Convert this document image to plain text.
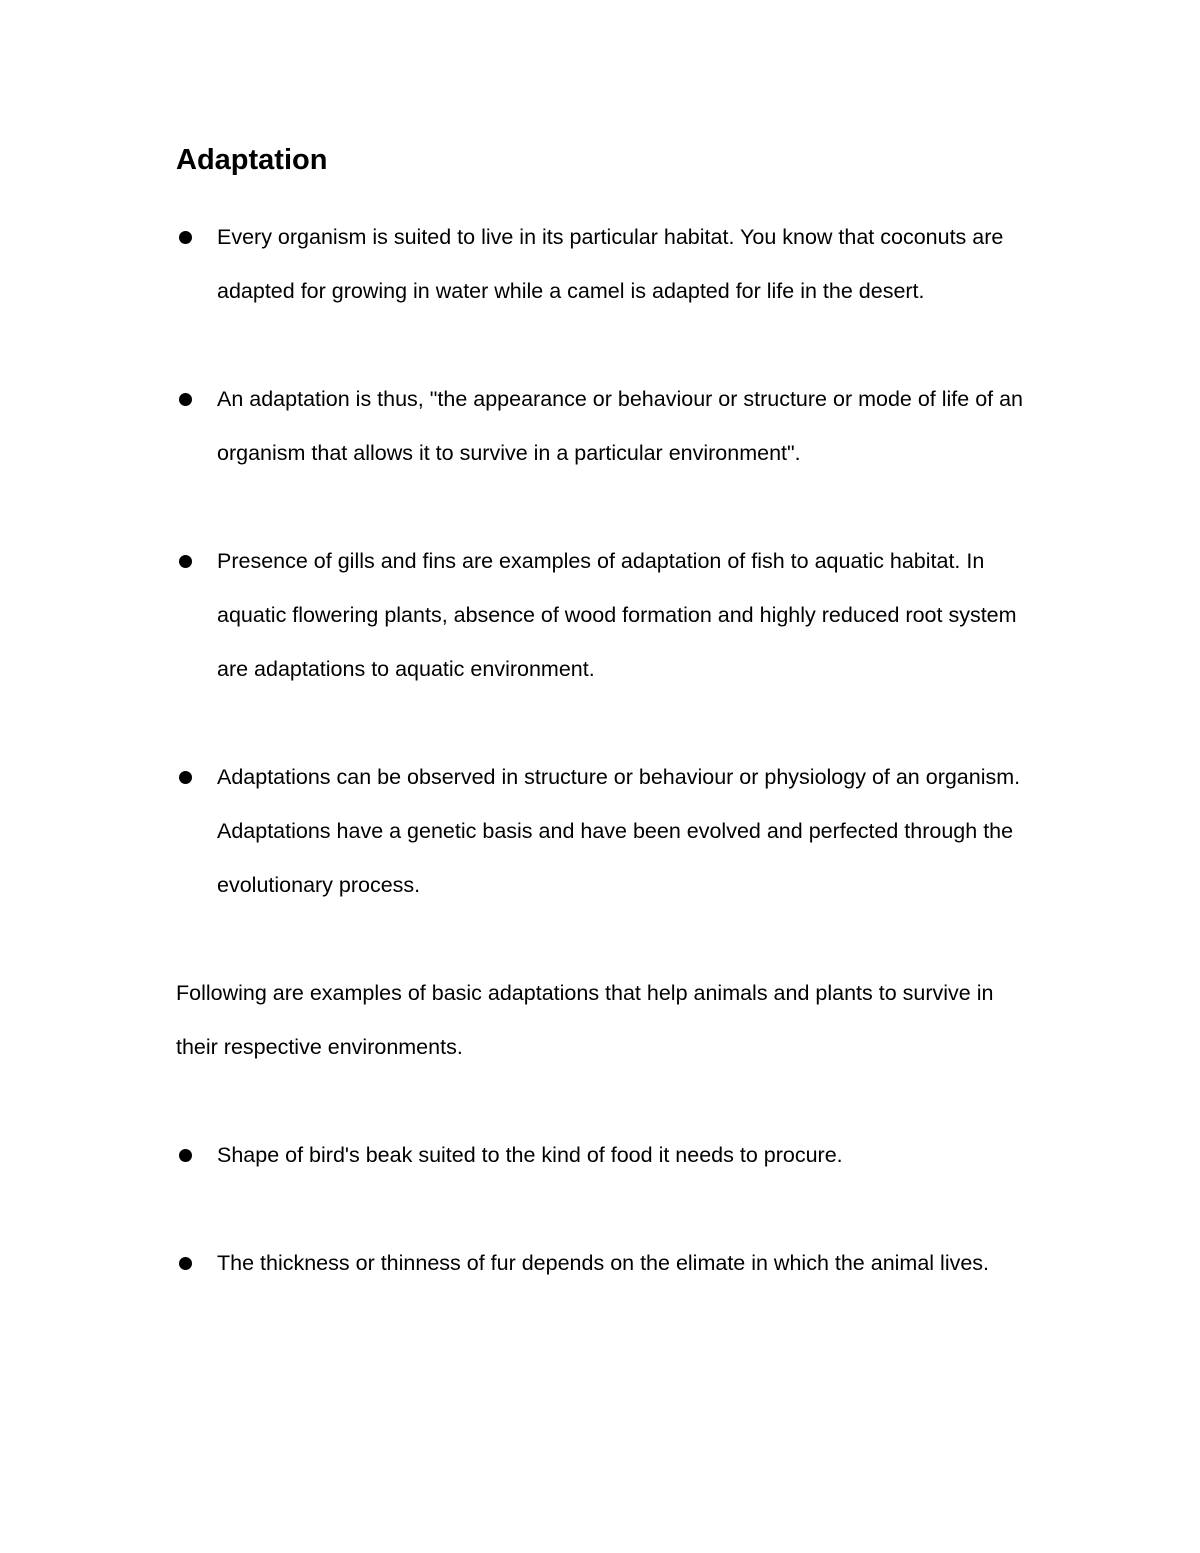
Adaptation
Every organism is suited to live in its particular habitat. You know that coconuts are adapted for growing in water while a camel is adapted for life in the desert.
An adaptation is thus, "the appearance or behaviour or structure or mode of life of an organism that allows it to survive in a particular environment".
Presence of gills and fins are examples of adaptation of fish to aquatic habitat. In aquatic flowering plants, absence of wood formation and highly reduced root system are adaptations to aquatic environment.
Adaptations can be observed in structure or behaviour or physiology of an organism. Adaptations have a genetic basis and have been evolved and perfected through the evolutionary process.

Following are examples of basic adaptations that help animals and plants to survive in their respective environments.

Shape of bird's beak suited to the kind of food it needs to procure.
The thickness or thinness of fur depends on the elimate in which the animal lives.
